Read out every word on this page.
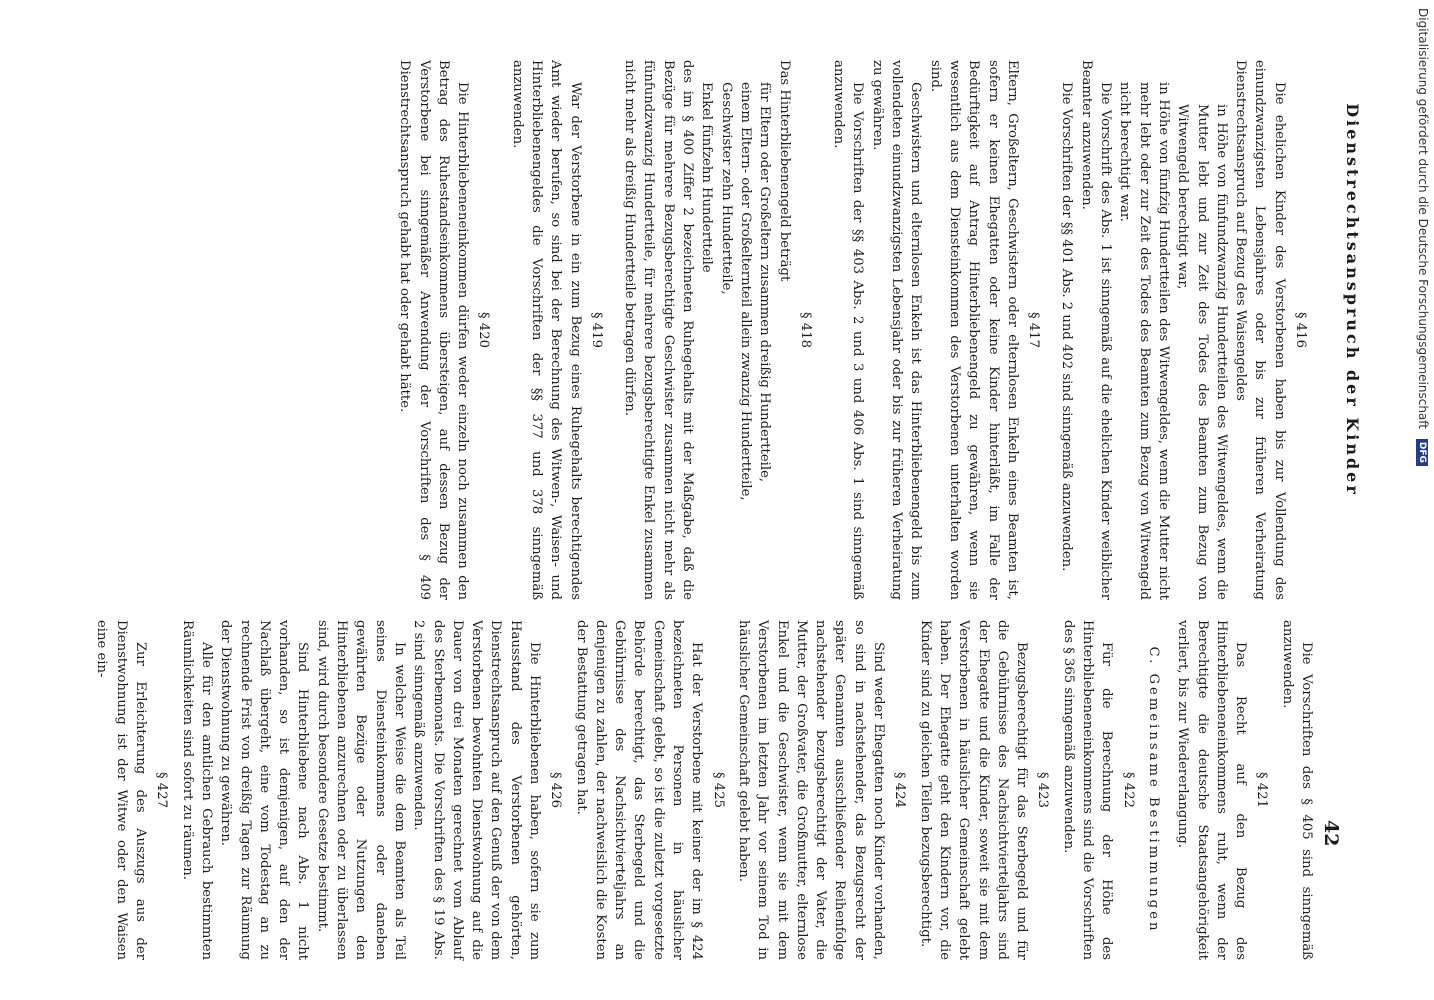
Dienstrechtsanspruch der Kinder
42
§ 416

Die ehelichen Kinder des Verstorbenen haben bis zur Vollendung des einundzwanzigsten Lebensjahres oder bis zur früheren Verheiratung Dienstrechtsanspruch auf Bezug des Waisengeldes

in Höhe von fünfundzwanzig Hundertteilen des Witwengeldes, wenn die Mutter lebt und zur Zeit des Todes des Beamten zum Bezug von Witwengeld berechtigt war,

in Höhe von fünfzig Hundertteilen des Witwengeldes, wenn die Mutter nicht mehr lebt oder zur Zeit des Todes des Beamten zum Bezug von Witwengeld nicht berechtigt war.

Die Vorschrift des Abs. 1 ist sinngemäß auf die ehelichen Kinder weiblicher Beamter anzuwenden.

Die Vorschriften der §§ 401 Abs. 2 und 402 sind sinngemäß anzuwenden.

§ 417

Eltern, Großeltern, Geschwistern oder elternlosen Enkeln eines Beamten ist, sofern er keinen Ehegatten oder keine Kinder hinterläßt, im Falle der Bedürftigkeit auf Antrag Hinterbliebenengeld zu gewähren, wenn sie wesentlich aus dem Diensteinkommen des Verstorbenen unterhalten worden sind.

Geschwistern und elternlosen Enkeln ist das Hinterbliebenengeld bis zum vollendeten einundzwanzigsten Lebensjahr oder bis zur früheren Verheiratung zu gewähren.

Die Vorschriften der §§ 403 Abs. 2 und 3 und 406 Abs. 1 sind sinngemäß anzuwenden.

§ 418

Das Hinterbliebenengeld beträgt

für Eltern oder Großeltern zusammen dreißig Hundertteile,

einem Eltern- oder Großelternteil allein zwanzig Hundertteile,

Geschwister zehn Hundertteile,

Enkel fünfzehn Hundertteile

des im § 400 Ziffer 2 bezeichneten Ruhegehalts mit der Maßgabe, daß die Bezüge für mehrere Bezugsberechtigte Geschwister zusammen nicht mehr als fünfundzwanzig Hundertteile, für mehrere bezugsberechtigte Enkel zusammen nicht mehr als dreißig Hundertteile betragen dürfen.

§ 419

War der Verstorbene in ein zum Bezug eines Ruhegehalts berechtigendes Amt wieder berufen, so sind bei der Berechnung des Witwen-, Waisen- und Hinterbliebenengeldes die Vorschriften der §§ 377 und 378 sinngemäß anzuwenden.

§ 420

Die Hinterbliebeneneinkommen dürfen weder einzeln noch zusammen den Betrag des Ruhestandseinkommens übersteigen, auf dessen Bezug der Verstorbene bei sinngemäßer Anwendung der Vorschriften des § 409 Dienstrechtsanspruch gehabt hat oder gehabt hätte.

Die Vorschriften des § 405 sind sinngemäß anzuwenden.

§ 421

Das Recht auf den Bezug des Hinterbliebeneneinkommens ruht, wenn der Berechtigte die deutsche Staatsangehörigkeit verliert, bis zur Wiedererlangung.

C. Gemeinsame Bestimmungen
§ 422

Für die Berechnung der Höhe des Hinterbliebeneneinkommens sind die Vorschriften des § 365 sinngemäß anzuwenden.

§ 423

Bezugsberechtigt für das Sterbegeld und für die Gebührnisse des Nachsichtvierteljahrs sind der Ehegatte und die Kinder, soweit sie mit dem Verstorbenen in häuslicher Gemeinschaft gelebt haben. Der Ehegatte geht den Kindern vor, die Kinder sind zu gleichen Teilen bezugsberechtigt.

§ 424

Sind weder Ehegatten noch Kinder vorhanden, so sind in nachstehender, das Bezugsrecht der später Genannten ausschließender Reihenfolge nachstehender bezugsberechtigt der Vater, die Mutter, der Großvater, die Großmutter, elternlose Enkel und die Geschwister, wenn sie mit dem Verstorbenen im letzten Jahr vor seinem Tod in häuslicher Gemeinschaft gelebt haben.

§ 425

Hat der Verstorbene mit keiner der im § 424 bezeichneten Personen in häuslicher Gemeinschaft gelebt, so ist die zuletzt vorgesetzte Behörde berechtigt, das Sterbegeld und die Gebührnisse des Nachsichtvierteljahrs an denjenigen zu zahlen, der nachweislich die Kosten der Bestattung getragen hat.

§ 426

Die Hinterbliebenen haben, sofern sie zum Hausstand des Verstorbenen gehörten, Dienstrechtsanspruch auf den Genuß der von dem Verstorbenen bewohnten Dienstwohnung auf die Dauer von drei Monaten gerechnet vom Ablauf des Sterbemonats. Die Vorschriften des § 19 Abs. 2 sind sinngemäß anzuwenden.

In welcher Weise die dem Beamten als Teil seines Diensteinkommens oder daneben gewährten Bezüge oder Nutzungen den Hinterbliebenen anzurechnen oder zu überlassen sind, wird durch besondere Gesetze bestimmt.

Sind Hinterbliebene nach Abs. 1 nicht vorhanden, so ist demjenigen, auf den der Nachlaß übergeht, eine vom Todestag an zu rechnende Frist von dreißig Tagen zur Räumung der Dienstwohnung zu gewähren.

Alle für den amtlichen Gebrauch bestimmten Räumlichkeiten sind sofort zu räumen.

§ 427

Zur Erleichterung des Auszugs aus der Dienstwohnung ist der Witwe oder den Waisen eine ein-

Digitalisierung gefördert durch die Deutsche Forschungsgemeinschaft DFG
